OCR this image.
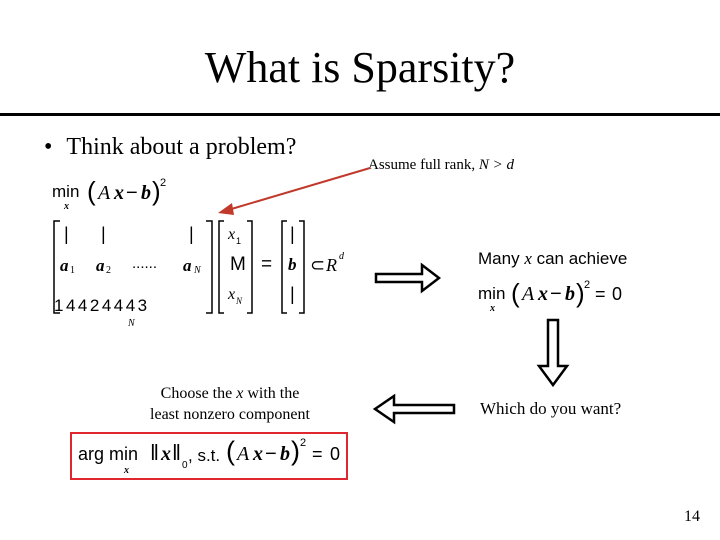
What is Sparsity?
• Think about a problem?
Assume full rank, N > d
min
x
( A x − b ) 2
| |	|
a 1 a 2 ...... a N
14424443
N
x 1
M
x N
=
|
b
|
⊂ R d	Many x can achieve
min
x
( A x − b ) 2 = 0
Which do you want?
Choose the x with the
least nonzero component
arg min
x
‖ x ‖
0
, s.t. ( A x − b ) 2
= 0
14
